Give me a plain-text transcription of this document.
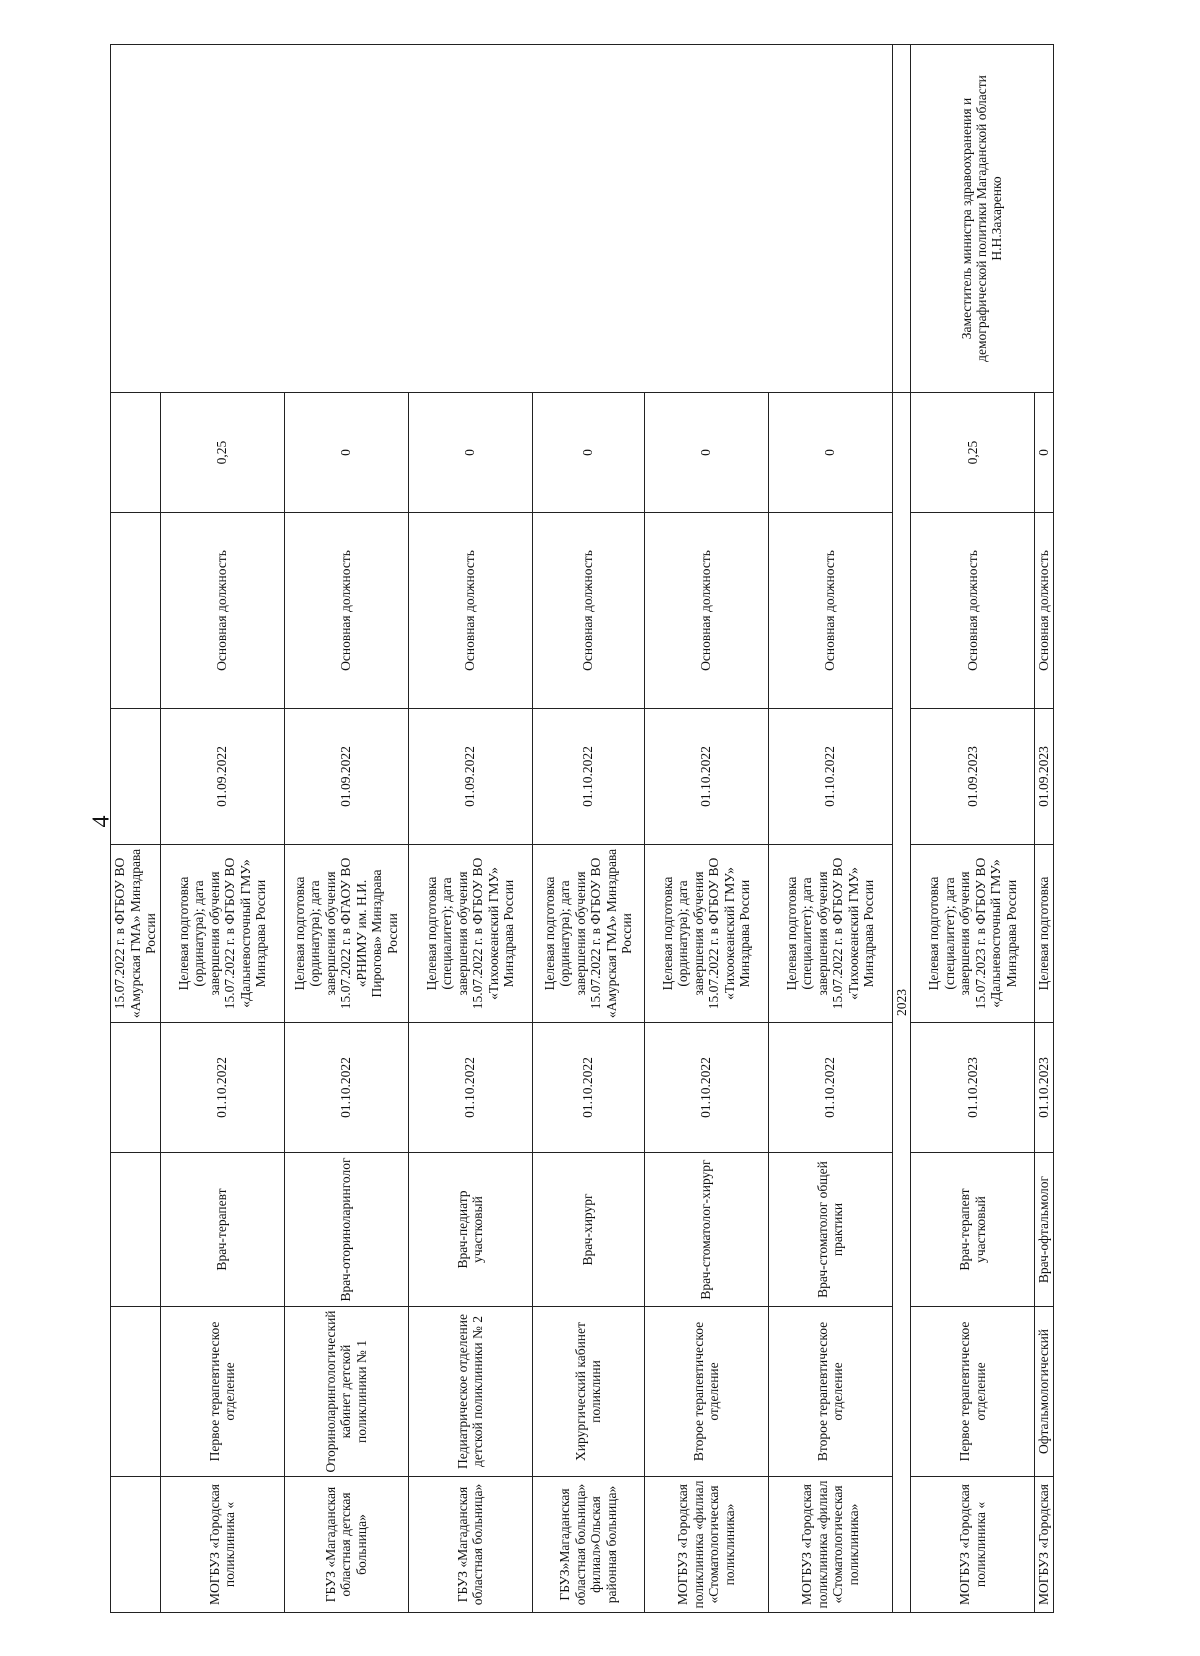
4
				15.07.2022 г. в ФГБОУ ВО «Амурская ГМА» Минздрава России				
МОГБУЗ «Городская поликлиника «	Первое терапевтическое отделение	Врач-терапевт	01.10.2022	Целевая подготовка (ординатура); дата завершения обучения 15.07.2022 г. в ФГБОУ ВО «Дальневосточный ГМУ» Минздрава России	01.09.2022	Основная должность	0,25	
ГБУЗ «Магаданская областная детская больница»	Оториноларингологический кабинет детской поликлиники № 1	Врач-оториноларинголог	01.10.2022	Целевая подготовка (ординатура); дата завершения обучения 15.07.2022 г. в ФГАОУ ВО «РНИМУ им. Н.И. Пирогова» Минздрава России	01.09.2022	Основная должность	0	
ГБУЗ «Магаданская областная больница»	Педиатрическое отделение детской поликлиники № 2	Врач-педиатр участковый	01.10.2022	Целевая подготовка (специалитет); дата завершения обучения 15.07.2022 г. в ФГБОУ ВО «Тихоокеанский ГМУ» Минздрава России	01.09.2022	Основная должность	0	
ГБУЗ»Магаданская областная больница» филиал»Ольская районная больница»	Хирургический кабинет поликлини	Врач-хирург	01.10.2022	Целевая подготовка (ординатура); дата завершения обучения 15.07.2022 г. в ФГБОУ ВО «Амурская ГМА» Минздрава России	01.10.2022	Основная должность	0	
МОГБУЗ «Городская поликлиника «филиал «Стоматологическая поликлиника»	Второе терапевтическое отделение	Врач-стоматолог-хирург	01.10.2022	Целевая подготовка (ординатура); дата завершения обучения 15.07.2022 г. в ФГБОУ ВО «Тихоокеанский ГМУ» Минздрава России	01.10.2022	Основная должность	0	
МОГБУЗ «Городская поликлиника «филиал «Стоматологическая поликлиника»	Второе терапевтическое отделение	Врач-стоматолог общей практики	01.10.2022	Целевая подготовка (специалитет); дата завершения обучения 15.07.2022 г. в ФГБОУ ВО «Тихоокеанский ГМУ» Минздрава России	01.10.2022	Основная должность	0	
2023								
МОГБУЗ «Городская поликлиника «	Первое терапевтическое отделение	Врач-терапевт участковый	01.10.2023	Целевая подготовка (специалитет); дата завершения обучения 15.07.2023 г. в ФГБОУ ВО «Дальневосточный ГМУ» Минздрава России	01.09.2023	Основная должность	0,25	Заместитель министра здравоохранения и демографической политики Магаданской области Н.Н.Захаренко
МОГБУЗ «Городская	Офтальмологический	Врач-офтальмолог	01.10.2023	Целевая подготовка	01.09.2023	Основная должность	0	
